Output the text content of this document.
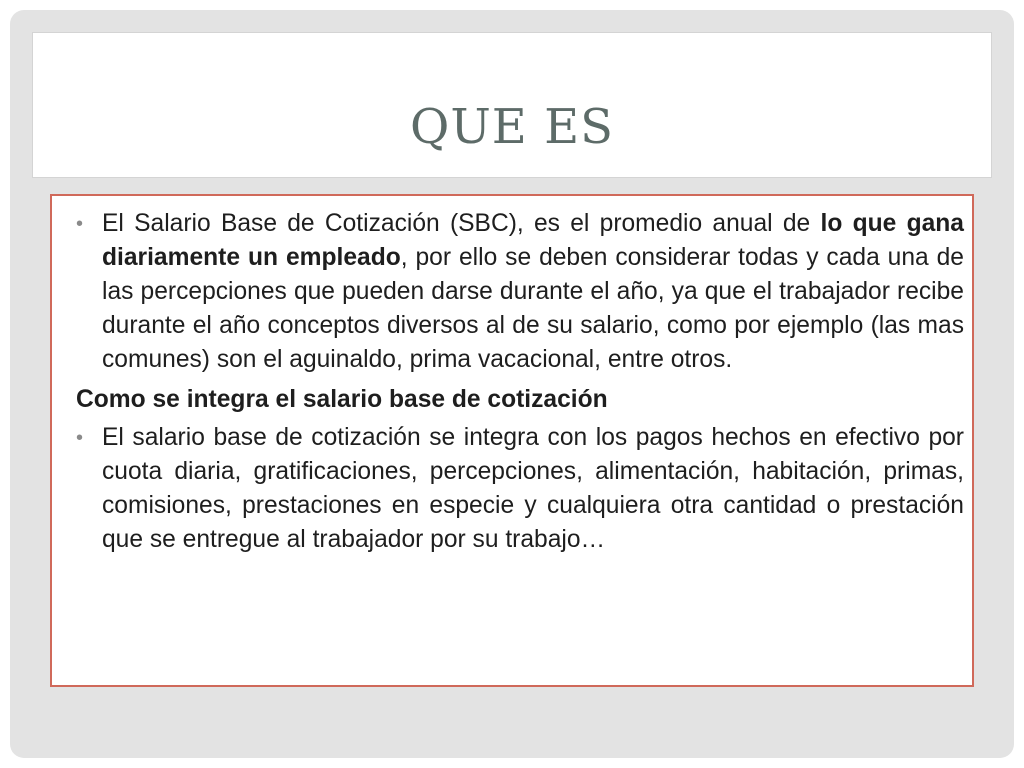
QUE ES
• El Salario Base de Cotización (SBC), es el promedio anual de lo que gana diariamente un empleado, por ello se deben considerar todas y cada una de las percepciones que pueden darse durante el año, ya que el trabajador recibe durante el año conceptos diversos al de su salario, como por ejemplo (las mas comunes) son el aguinaldo, prima vacacional, entre otros.
Como se integra el salario base de cotización
• El salario base de cotización se integra con los pagos hechos en efectivo por cuota diaria, gratificaciones, percepciones, alimentación, habitación, primas, comisiones, prestaciones en especie y cualquiera otra cantidad o prestación que se entregue al trabajador por su trabajo…
